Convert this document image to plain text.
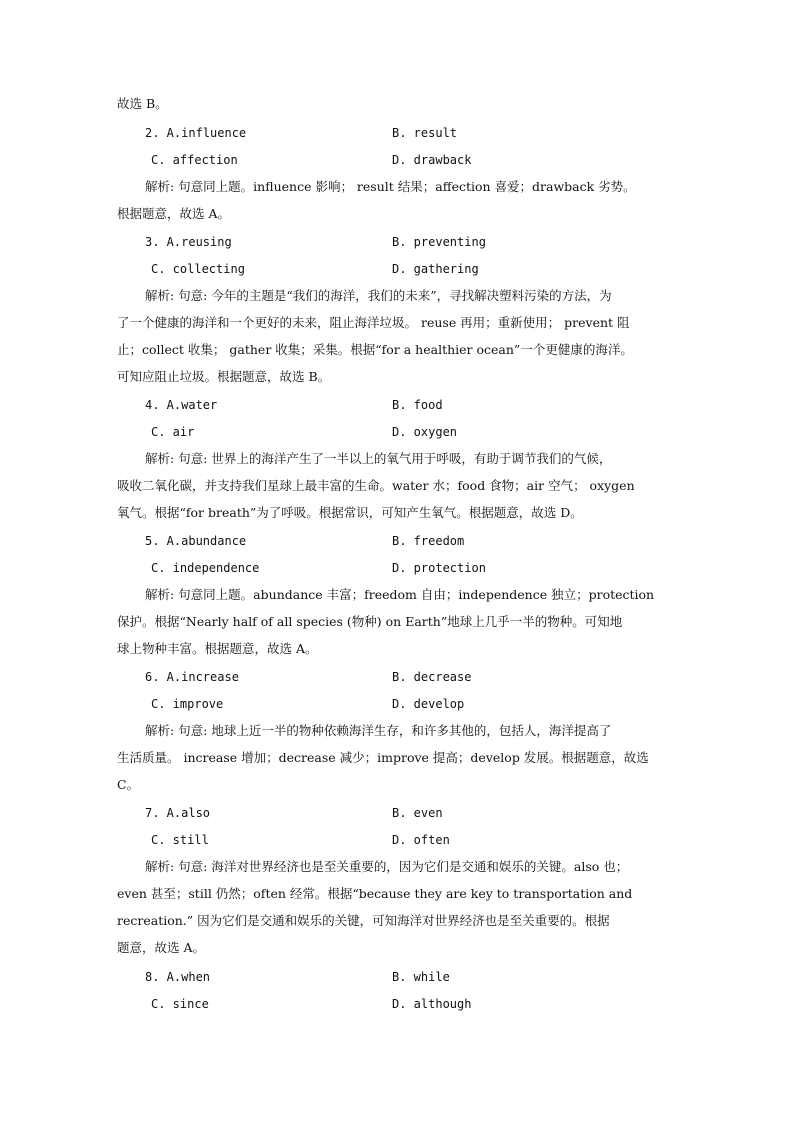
故选 B。
2. A.influence	B. result
C. affection	D. drawback
解析: 句意同上题。influence 影响； result 结果；affection 喜爱；drawback 劣势。
根据题意，故选 A。
3. A.reusing	B. preventing
C. collecting	D. gathering
解析: 句意: 今年的主题是“我们的海洋，我们的未来”，寻找解决塑料污染的方法，为
了一个健康的海洋和一个更好的未来，阻止海洋垃圾。 reuse 再用；重新使用； prevent 阻
止；collect 收集； gather 收集；采集。根据“for a healthier ocean”一个更健康的海洋。
可知应阻止垃圾。根据题意，故选 B。
4. A.water	B. food
C. air	D. oxygen
解析: 句意: 世界上的海洋产生了一半以上的氧气用于呼吸，有助于调节我们的气候，
吸收二氧化碳，并支持我们星球上最丰富的生命。water 水；food 食物；air 空气； oxygen
氧气。根据“for breath”为了呼吸。根据常识，可知产生氧气。根据题意，故选 D。
5. A.abundance	B. freedom
C. independence	D. protection
解析: 句意同上题。abundance 丰富；freedom 自由；independence 独立；protection
保护。根据“Nearly half of all species (物种) on Earth”地球上几乎一半的物种。可知地
球上物种丰富。根据题意，故选 A。
6. A.increase	B. decrease
C. improve	D. develop
解析: 句意: 地球上近一半的物种依赖海洋生存，和许多其他的，包括人，海洋提高了
生活质量。 increase 增加；decrease 减少；improve 提高；develop 发展。根据题意，故选
C。
7. A.also	B. even
C. still	D. often
解析: 句意: 海洋对世界经济也是至关重要的，因为它们是交通和娱乐的关键。also 也；
even 甚至；still 仍然；often 经常。根据“because they are key to transportation and
recreation.” 因为它们是交通和娱乐的关键，可知海洋对世界经济也是至关重要的。根据
题意，故选 A。
8. A.when	B. while
C. since	D. although
